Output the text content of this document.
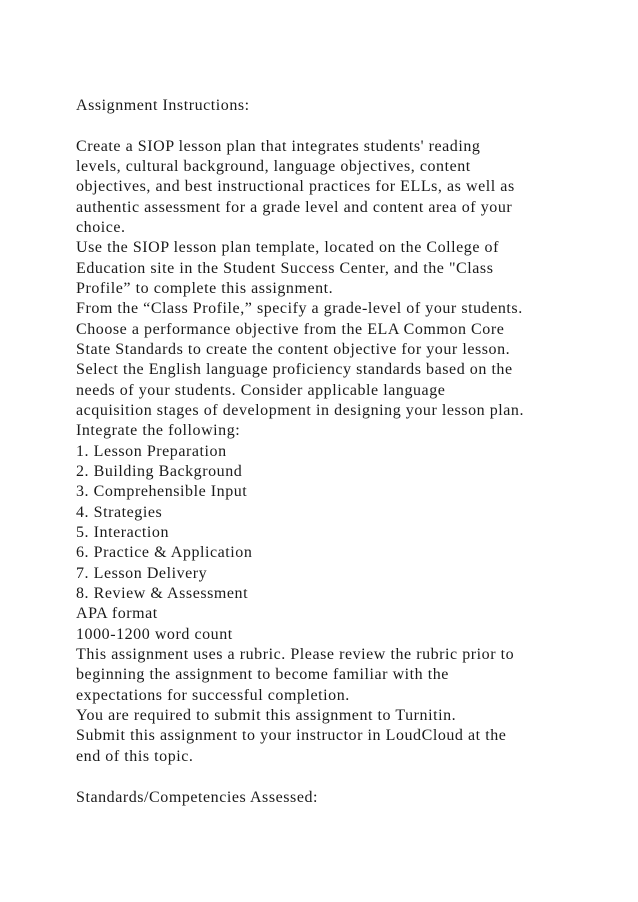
Assignment Instructions:
Create a SIOP lesson plan that integrates students' reading
levels, cultural background, language objectives, content
objectives, and best instructional practices for ELLs, as well as
authentic assessment for a grade level and content area of your
choice.
Use the SIOP lesson plan template, located on the College of
Education site in the Student Success Center, and the "Class
Profile” to complete this assignment.
From the “Class Profile,” specify a grade-level of your students.
Choose a performance objective from the ELA Common Core
State Standards to create the content objective for your lesson.
Select the English language proficiency standards based on the
needs of your students. Consider applicable language
acquisition stages of development in designing your lesson plan.
Integrate the following:
1. Lesson Preparation
2. Building Background
3. Comprehensible Input
4. Strategies
5. Interaction
6. Practice & Application
7. Lesson Delivery
8. Review & Assessment
APA format
1000-1200 word count
This assignment uses a rubric. Please review the rubric prior to
beginning the assignment to become familiar with the
expectations for successful completion.
You are required to submit this assignment to Turnitin.
Submit this assignment to your instructor in LoudCloud at the
end of this topic.
Standards/Competencies Assessed:
